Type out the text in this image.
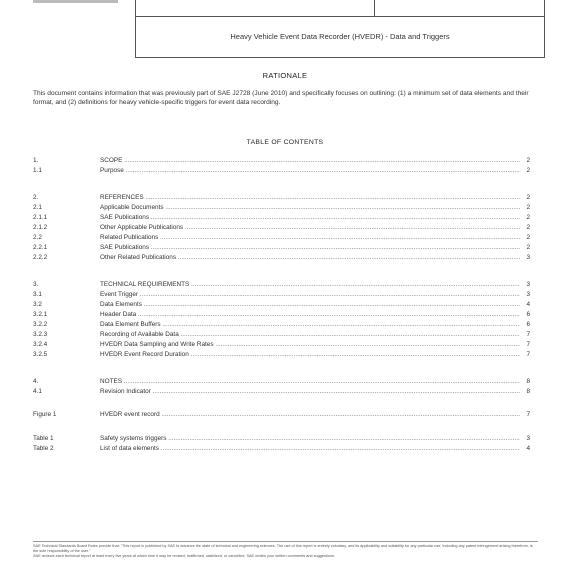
Heavy Vehicle Event Data Recorder (HVEDR) - Data and Triggers
RATIONALE
This document contains information that was previously part of SAE J2728 (June 2010) and specifically focuses on outlining: (1) a minimum set of data elements and their format, and (2) definitions for heavy vehicle-specific triggers for event data recording.
TABLE OF CONTENTS
1.	SCOPE .....	2
1.1	Purpose .....	2
2.	REFERENCES .....	2
2.1	Applicable Documents .....	2
2.1.1	SAE Publications .....	2
2.1.2	Other Applicable Publications .....	2
2.2	Related Publications .....	2
2.2.1	SAE Publications .....	2
2.2.2	Other Related Publications .....	3
3.	TECHNICAL REQUIREMENTS .....	3
3.1	Event Trigger .....	3
3.2	Data Elements .....	4
3.2.1	Header Data .....	6
3.2.2	Data Element Buffers .....	6
3.2.3	Recording of Available Data .....	7
3.2.4	HVEDR Data Sampling and Write Rates .....	7
3.2.5	HVEDR Event Record Duration .....	7
4.	NOTES .....	8
4.1	Revision Indicator .....	8
Figure 1	HVEDR event record .....	7
Table 1	Safety systems triggers .....	3
Table 2	List of data elements .....	4
SAE Technical Standards Board Rules provide that: "This report is published by SAE to advance the state of technical and engineering sciences. The use of this report is entirely voluntary, and its applicability and suitability for any particular use, including any patent infringement arising therefrom, is the sole responsibility of the user."
SAE reviews each technical report at least every five years at which time it may be revised, reaffirmed, stabilized, or cancelled. SAE invites your written comments and suggestions.
